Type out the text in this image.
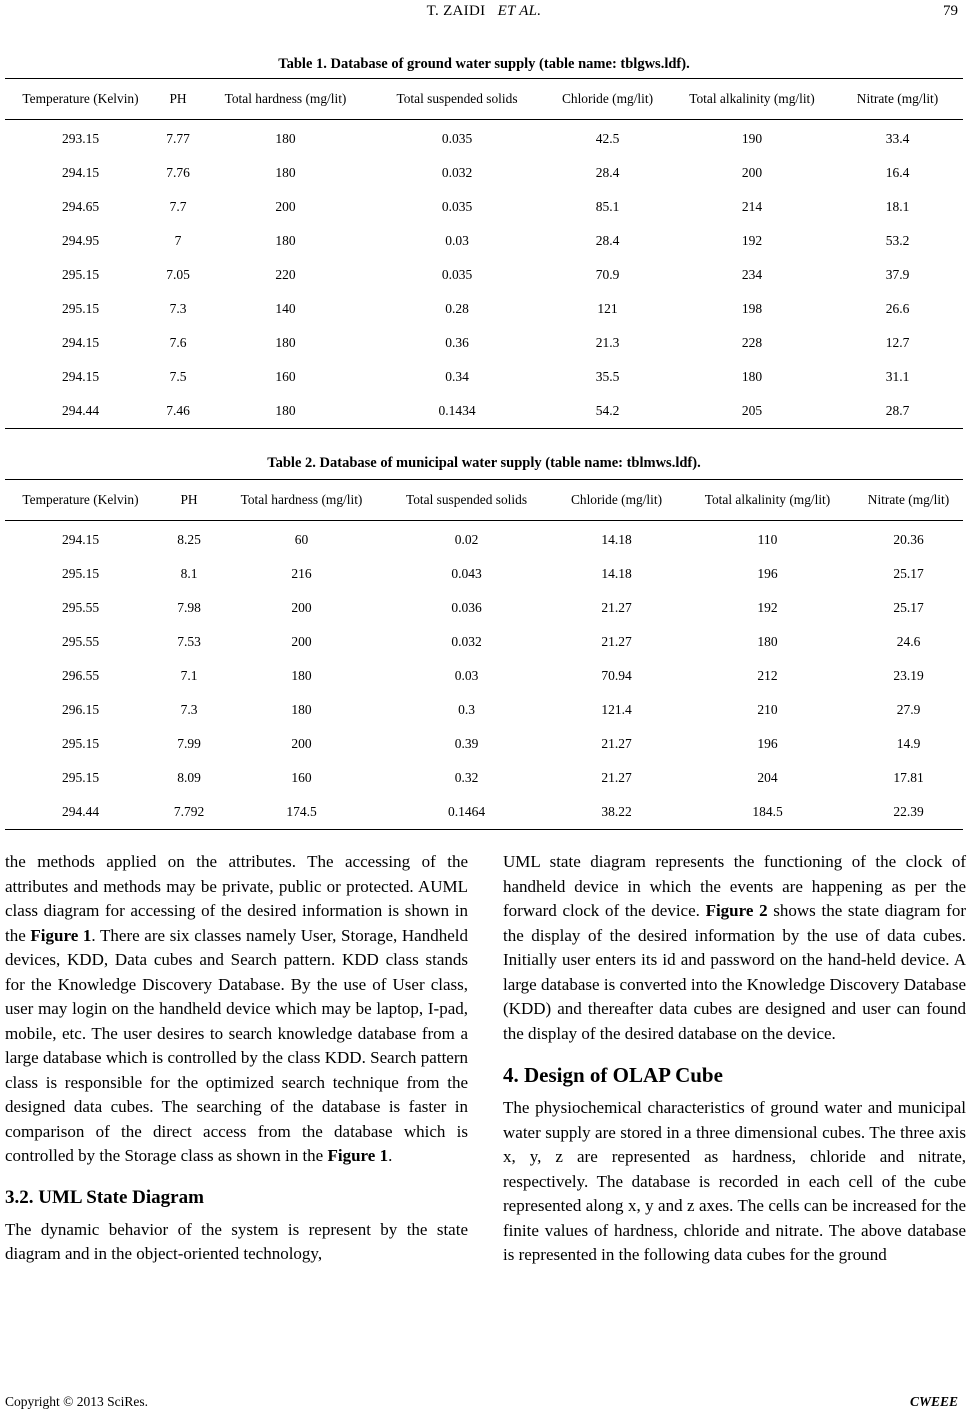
T. ZAIDI ET AL.	79
Table 1. Database of ground water supply (table name: tblgws.ldf).
Temperature (Kelvin)	PH	Total hardness (mg/lit)	Total suspended solids	Chloride (mg/lit)	Total alkalinity (mg/lit)	Nitrate (mg/lit)
293.15	7.77	180	0.035	42.5	190	33.4
294.15	7.76	180	0.032	28.4	200	16.4
294.65	7.7	200	0.035	85.1	214	18.1
294.95	7	180	0.03	28.4	192	53.2
295.15	7.05	220	0.035	70.9	234	37.9
295.15	7.3	140	0.28	121	198	26.6
294.15	7.6	180	0.36	21.3	228	12.7
294.15	7.5	160	0.34	35.5	180	31.1
294.44	7.46	180	0.1434	54.2	205	28.7
Table 2. Database of municipal water supply (table name: tblmws.ldf).
Temperature (Kelvin)	PH	Total hardness (mg/lit)	Total suspended solids	Chloride (mg/lit)	Total alkalinity (mg/lit)	Nitrate (mg/lit)
294.15	8.25	60	0.02	14.18	110	20.36
295.15	8.1	216	0.043	14.18	196	25.17
295.55	7.98	200	0.036	21.27	192	25.17
295.55	7.53	200	0.032	21.27	180	24.6
296.55	7.1	180	0.03	70.94	212	23.19
296.15	7.3	180	0.3	121.4	210	27.9
295.15	7.99	200	0.39	21.27	196	14.9
295.15	8.09	160	0.32	21.27	204	17.81
294.44	7.792	174.5	0.1464	38.22	184.5	22.39

the methods applied on the attributes. The accessing of the attributes and methods may be private, public or protected. AUML class diagram for accessing of the desired information is shown in the Figure 1. There are six classes namely User, Storage, Handheld devices, KDD, Data cubes and Search pattern. KDD class stands for the Knowledge Discovery Database. By the use of User class, user may login on the handheld device which may be laptop, I-pad, mobile, etc. The user desires to search knowledge database from a large database which is controlled by the class KDD. Search pattern class is responsible for the optimized search technique from the designed data cubes. The searching of the database is faster in comparison of the direct access from the database which is controlled by the Storage class as shown in the Figure 1.

3.2. UML State Diagram

The dynamic behavior of the system is represent by the state diagram and in the object-oriented technology,

UML state diagram represents the functioning of the clock of handheld device in which the events are happening as per the forward clock of the device. Figure 2 shows the state diagram for the display of the desired information by the use of data cubes. Initially user enters its id and password on the hand-held device. A large database is converted into the Knowledge Discovery Database (KDD) and thereafter data cubes are designed and user can found the display of the desired database on the device.

4. Design of OLAP Cube

The physiochemical characteristics of ground water and municipal water supply are stored in a three dimensional cubes. The three axis x, y, z are represented as hardness, chloride and nitrate, respectively. The database is recorded in each cell of the cube represented along x, y and z axes. The cells can be increased for the finite values of hardness, chloride and nitrate. The above database is represented in the following data cubes for the ground

Copyright © 2013 SciRes.	CWEEE
